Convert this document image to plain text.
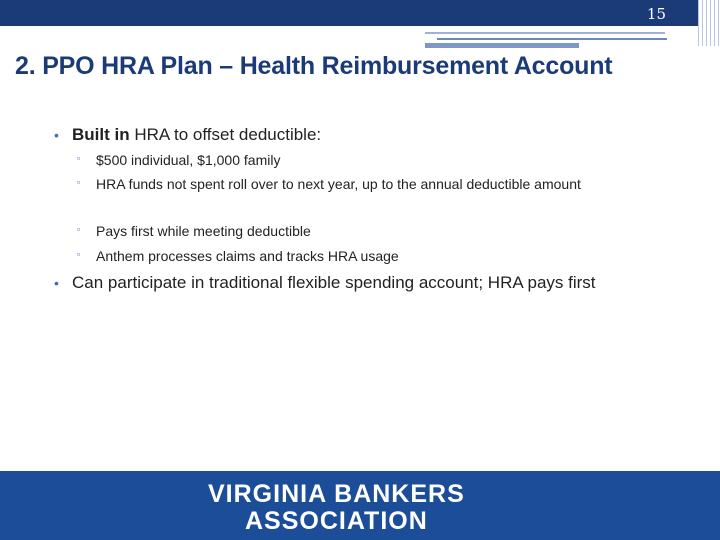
15
2. PPO HRA Plan – Health Reimbursement Account
• Built in HRA to offset deductible:
▫ $500 individual, $1,000 family
▫ HRA funds not spent roll over to next year, up to the annual deductible amount
▫ Pays first while meeting deductible
▫ Anthem processes claims and tracks HRA usage
• Can participate in traditional flexible spending account; HRA pays first
VIRGINIA BANKERS
ASSOCIATION
